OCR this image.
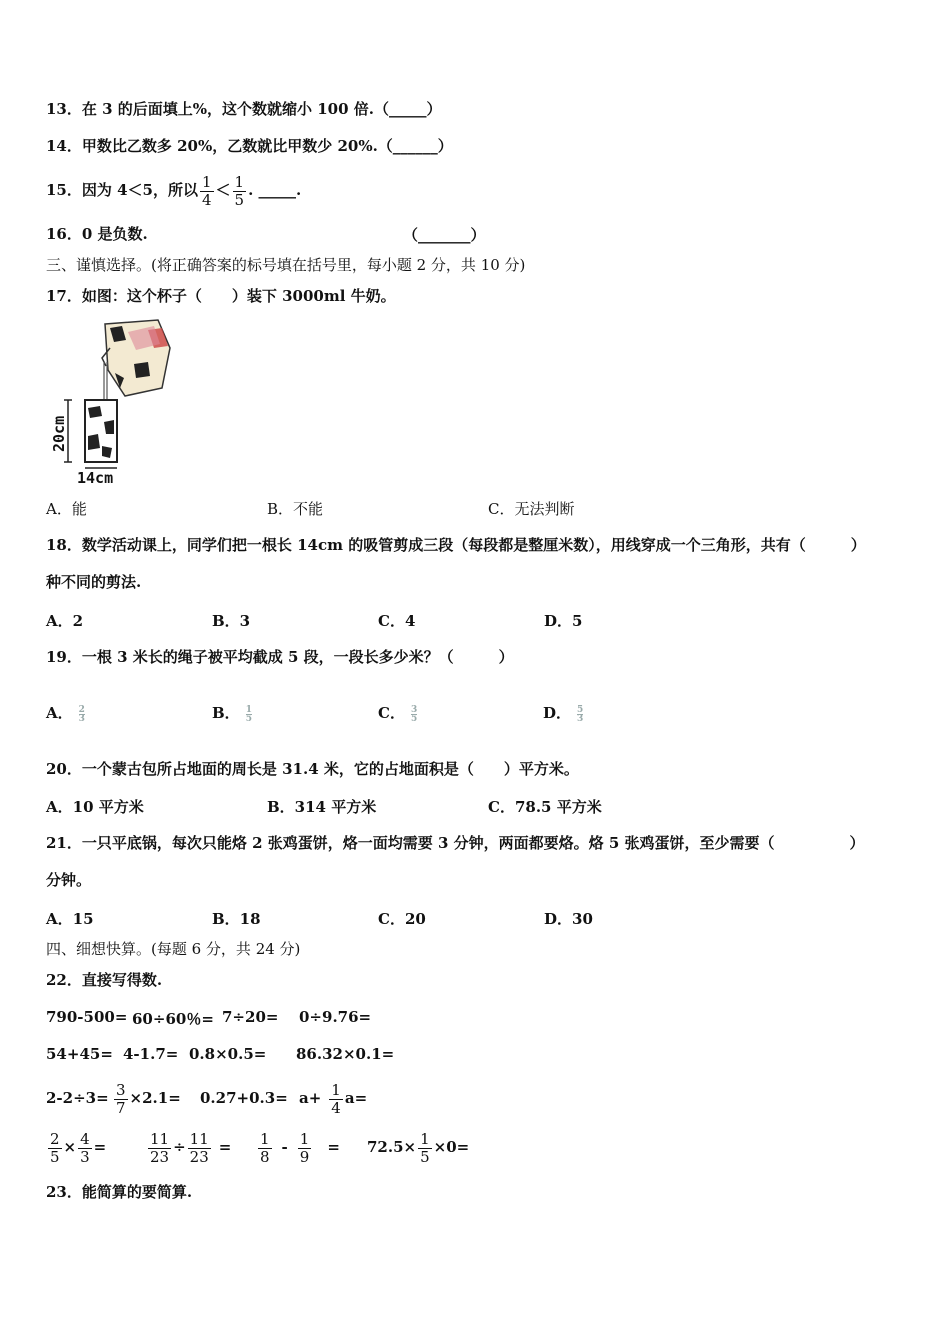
13．在 3 的后面填上%，这个数就缩小 100 倍.（_____）
14．甲数比乙数多 20%，乙数就比甲数少 20%.（______）
15．因为 4＜5，所以 $\frac{1}{4} < \frac{1}{5}$ . _____.
16．0 是负数.	（_______）
三、谨慎选择。(将正确答案的标号填在括号里，每小题 2 分，共 10 分)
17．如图：这个杯子（　　）装下 3000ml 牛奶。
20cm
14cm
A．能	B．不能	C．无法判断
18．数学活动课上，同学们把一根长 14cm 的吸管剪成三段（每段都是整厘米数），用线穿成一个三角形，共有（　　　）
种不同的剪法.
A．2	B．3	C．4	D．5
19．一根 3 米长的绳子被平均截成 5 段，一段长多少米？（　　　）
A． $\frac{2}{3}$	B． $\frac{1}{5}$	C． $\frac{3}{5}$	D． $\frac{5}{3}$
20．一个蒙古包所占地面的周长是 31.4 米，它的占地面积是（　　）平方米。
A．10 平方米	B．314 平方米	C．78.5 平方米
21．一只平底锅，每次只能烙 2 张鸡蛋饼，烙一面均需要 3 分钟，两面都要烙。烙 5 张鸡蛋饼，至少需要（　　　　　）
分钟。
A．15	B．18	C．20	D．30
四、细想快算。(每题 6 分，共 24 分)
22．直接写得数.
790-500= 60÷60％= 7÷20= 0÷9.76=
54+45= 4-1.7= 0.8×0.5= 86.32×0.1=
$2-2\div 3= \frac{3}{7} \times 2.1= 0.27+0.3= a+ \frac{1}{4} a=$
$\frac{2}{5} \times \frac{4}{3}$ =	$\frac{11}{23} \div \frac{11}{23} = \frac{1}{8} - \frac{1}{9} = 72.5\times \frac{1}{5} \times 0=$
23．能简算的要简算.
